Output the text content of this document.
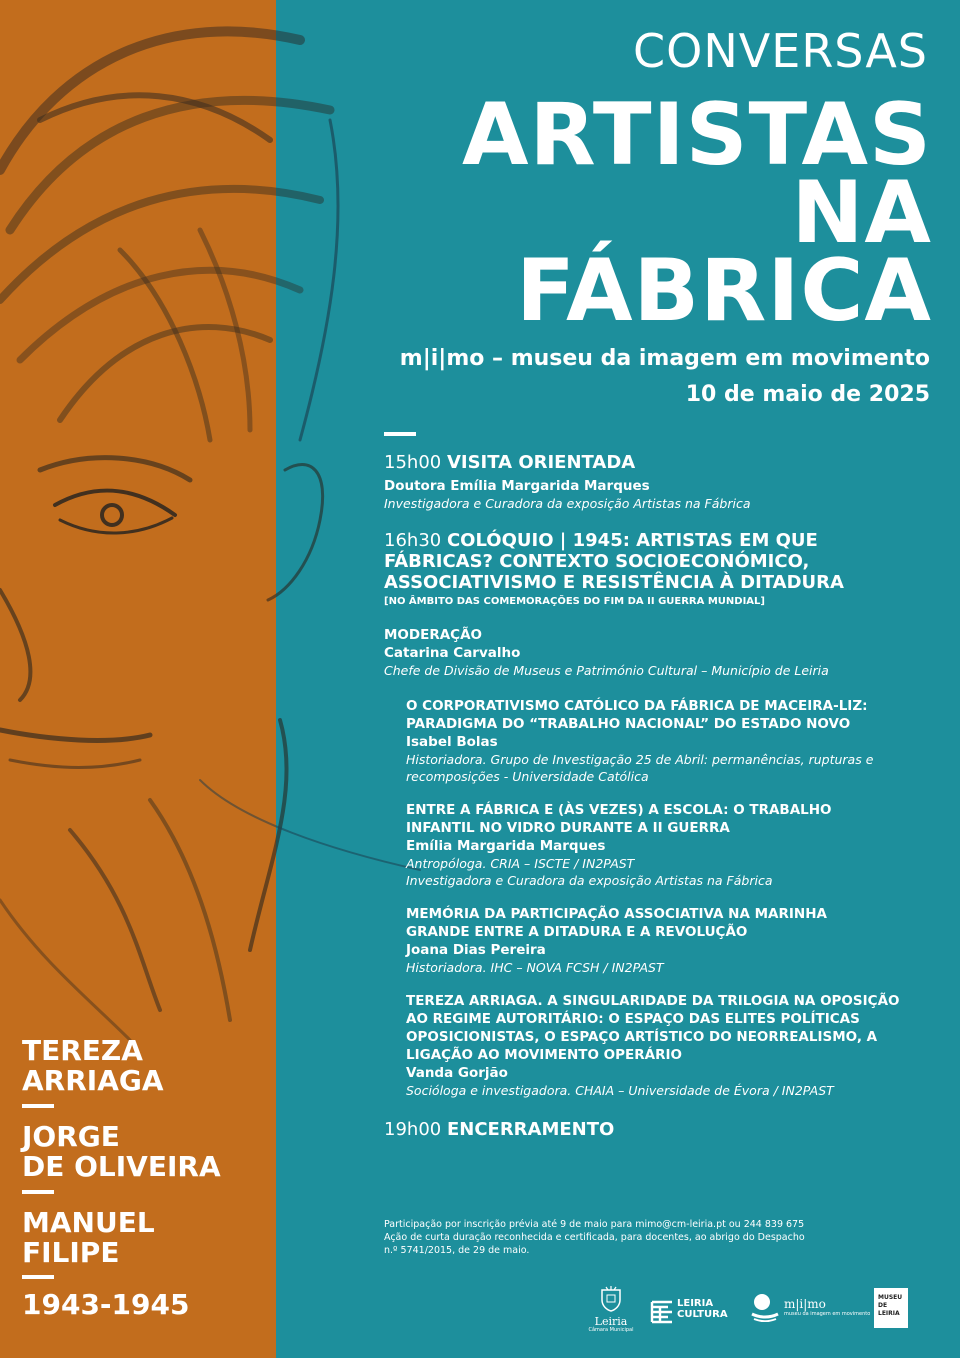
CONVERSAS
ARTISTAS
NA
FÁBRICA
m|i|mo – museu da imagem em movimento
10 de maio de 2025

15h00 VISITA ORIENTADA

Doutora Emília Margarida Marques

Investigadora e Curadora da exposição Artistas na Fábrica

16h30 COLÓQUIO | 1945: ARTISTAS EM QUE FÁBRICAS? CONTEXTO SOCIOECONÓMICO, ASSOCIATIVISMO E RESISTÊNCIA À DITADURA

[NO ÂMBITO DAS COMEMORAÇÕES DO FIM DA II GUERRA MUNDIAL]

MODERAÇÃO

Catarina Carvalho

Chefe de Divisão de Museus e Património Cultural – Município de Leiria

O CORPORATIVISMO CATÓLICO DA FÁBRICA DE MACEIRA-LIZ: PARADIGMA DO “TRABALHO NACIONAL” DO ESTADO NOVO

Isabel Bolas

Historiadora. Grupo de Investigação 25 de Abril: permanências, rupturas e recomposições - Universidade Católica

ENTRE A FÁBRICA E (ÀS VEZES) A ESCOLA: O TRABALHO INFANTIL NO VIDRO DURANTE A II GUERRA

Emília Margarida Marques

Antropóloga. CRIA – ISCTE / IN2PAST

Investigadora e Curadora da exposição Artistas na Fábrica

MEMÓRIA DA PARTICIPAÇÃO ASSOCIATIVA NA MARINHA GRANDE ENTRE A DITADURA E A REVOLUÇÃO

Joana Dias Pereira

Historiadora. IHC – NOVA FCSH / IN2PAST

TEREZA ARRIAGA. A SINGULARIDADE DA TRILOGIA NA OPOSIÇÃO AO REGIME AUTORITÁRIO: O ESPAÇO DAS ELITES POLÍTICAS OPOSICIONISTAS, O ESPAÇO ARTÍSTICO DO NEORREALISMO, A LIGAÇÃO AO MOVIMENTO OPERÁRIO

Vanda Gorjão

Socióloga e investigadora. CHAIA – Universidade de Évora / IN2PAST

19h00 ENCERRAMENTO

TEREZA
ARRIAGA
JORGE
DE OLIVEIRA
MANUEL
FILIPE
1943-1945
Participação por inscrição prévia até 9 de maio para mimo@cm-leiria.pt ou 244 839 675
Ação de curta duração reconhecida e certificada, para docentes, ao abrigo do Despacho
n.º 5741/2015, de 29 de maio.
Leiria
Câmara Municipal
LEIRIA
CULTURA
m|i|mo
museu da imagem em movimento
MUSEU
DE
LEIRIA
